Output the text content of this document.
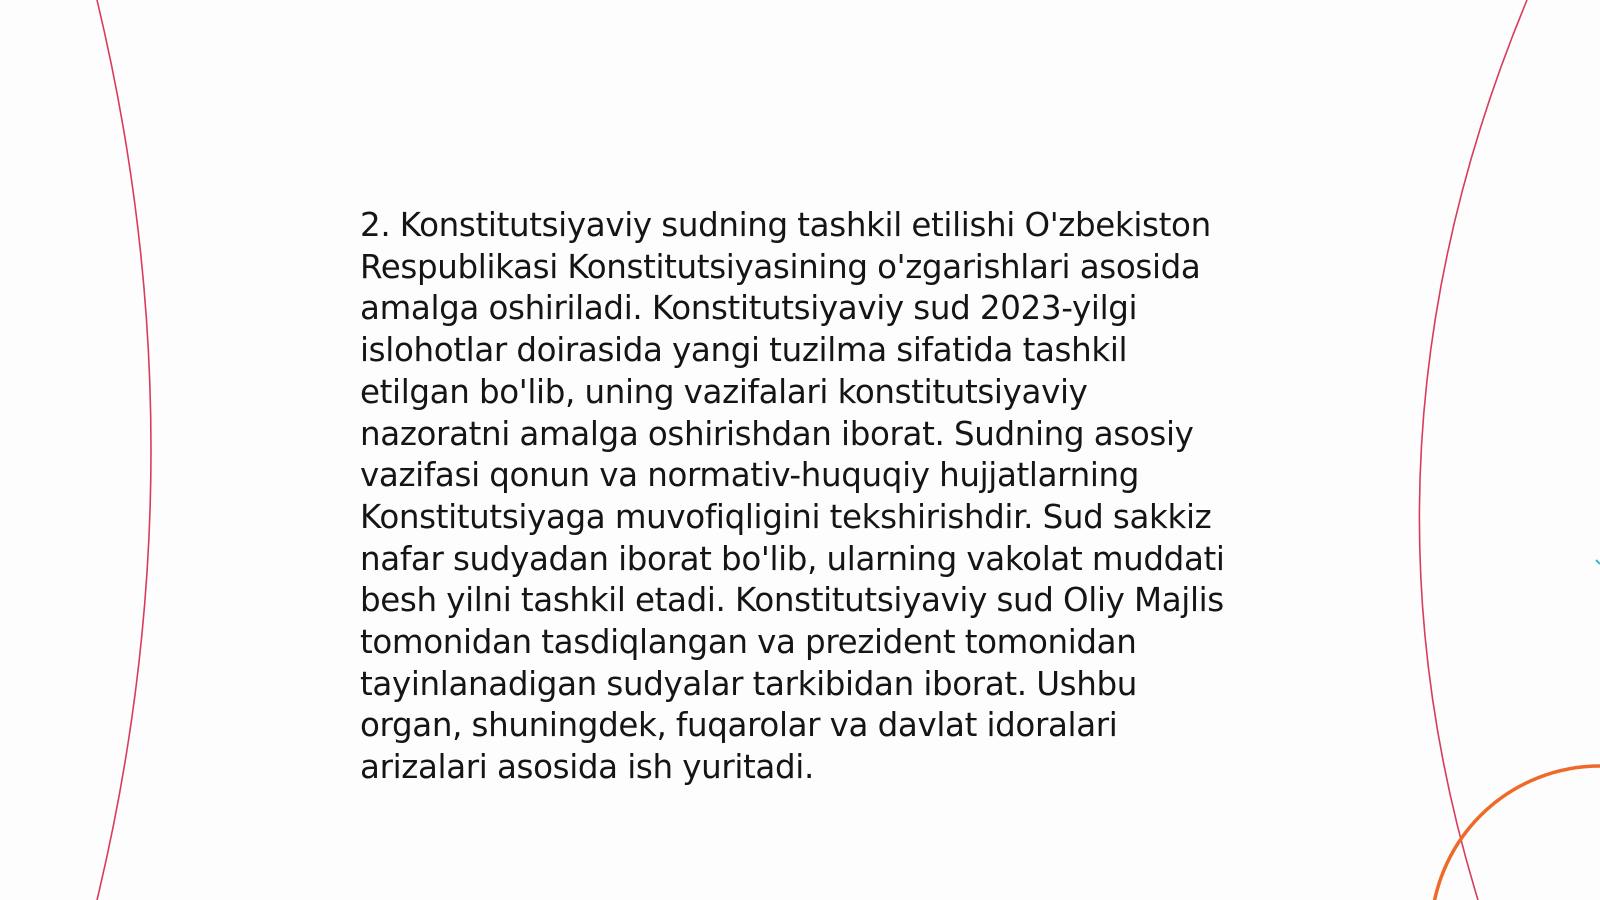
2. Konstitutsiyaviy sudning tashkil etilishi O'zbekiston Respublikasi Konstitutsiyasining o'zgarishlari asosida amalga oshiriladi. Konstitutsiyaviy sud 2023-yilgi islohotlar doirasida yangi tuzilma sifatida tashkil etilgan bo'lib, uning vazifalari konstitutsiyaviy nazoratni amalga oshirishdan iborat. Sudning asosiy vazifasi qonun va normativ-huquqiy hujjatlarning Konstitutsiyaga muvofiqligini tekshirishdir. Sud sakkiz nafar sudyadan iborat bo'lib, ularning vakolat muddati besh yilni tashkil etadi. Konstitutsiyaviy sud Oliy Majlis tomonidan tasdiqlangan va prezident tomonidan tayinlanadigan sudyalar tarkibidan iborat. Ushbu organ, shuningdek, fuqarolar va davlat idoralari arizalari asosida ish yuritadi.
